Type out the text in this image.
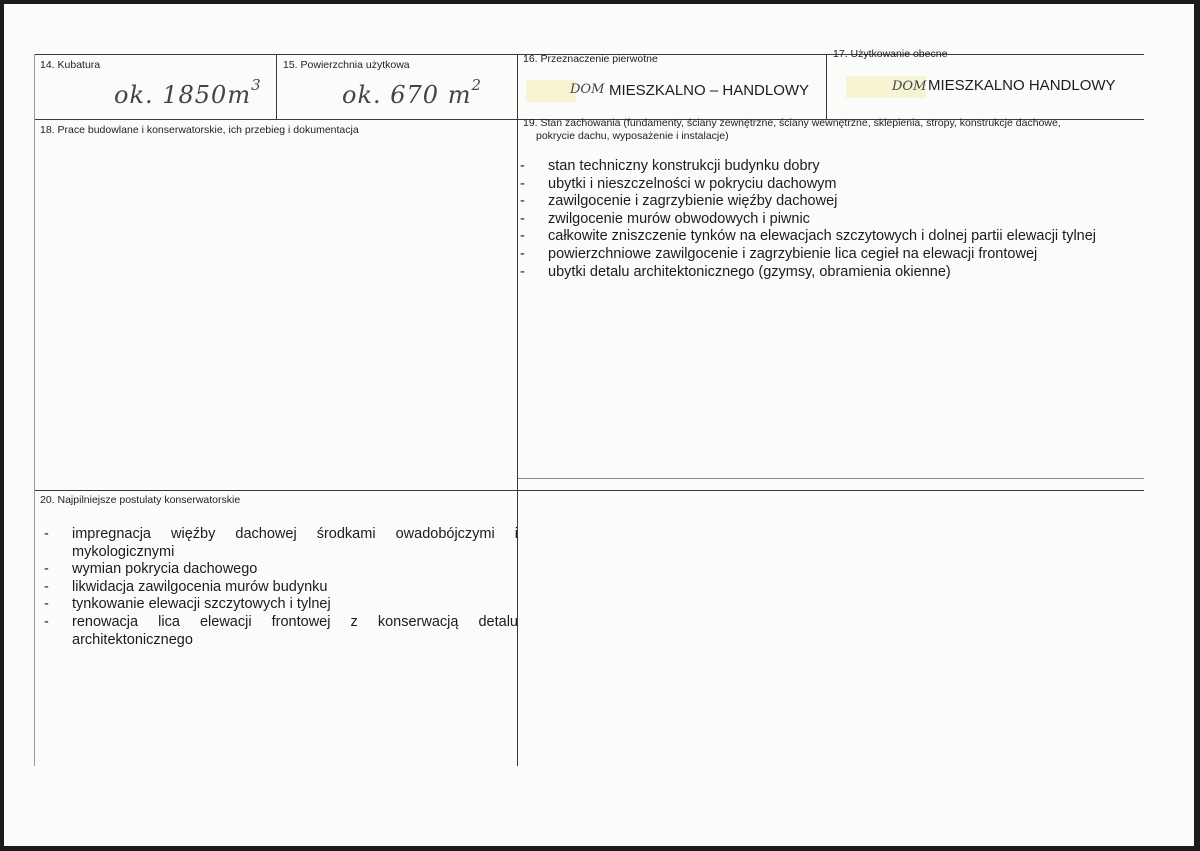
14. Kubatura
ok. $1850m^3$
15. Powierzchnia użytkowa
ok. 670 $m^2$
16. Przeznaczenie pierwotne
DOM MIESZKALNO – HANDLOWY
17. Użytkowanie obecne
DOM MIESZKALNO HANDLOWY
18. Prace budowlane i konserwatorskie, ich przebieg i dokumentacja
19. Stan zachowania (fundamenty, ściany zewnętrzne, ściany wewnętrzne, sklepienia, stropy, konstrukcje dachowe,
pokrycie dachu, wyposażenie i instalacje)
- stan techniczny konstrukcji budynku dobry
- ubytki i nieszczelności w pokryciu dachowym
- zawilgocenie i zagrzybienie więźby dachowej
- zwilgocenie murów obwodowych i piwnic
- całkowite zniszczenie tynków na elewacjach szczytowych i dolnej partii elewacji tylnej
- powierzchniowe zawilgocenie i zagrzybienie lica cegieł na elewacji frontowej
- ubytki detalu architektonicznego (gzymsy, obramienia okienne)
20. Najpilniejsze postulaty konserwatorskie
- impregnacja więźby dachowej środkami owadobójczymi i mykologicznymi
- wymian pokrycia dachowego
- likwidacja zawilgocenia murów budynku
- tynkowanie elewacji szczytowych i tylnej
- renowacja lica elewacji frontowej z konserwacją detalu architektonicznego
